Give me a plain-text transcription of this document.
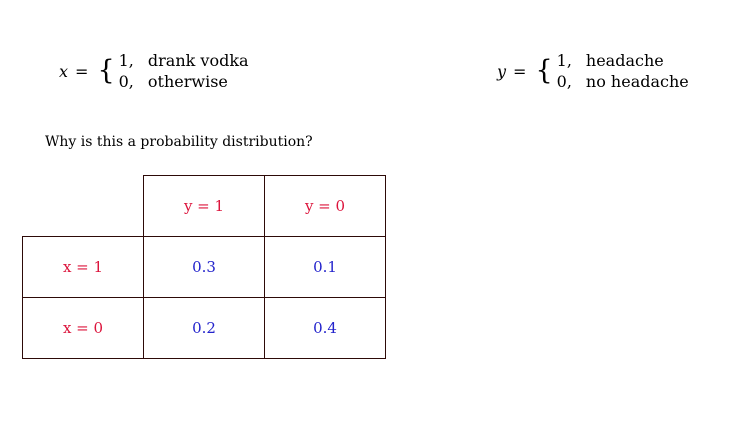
x = { 1, drank vodka
0, otherwise
y = { 1, headache
0, no headache
Why is this a probability distribution?
	y = 1	y = 0
x = 1	0.3	0.1
x = 0	0.2	0.4
